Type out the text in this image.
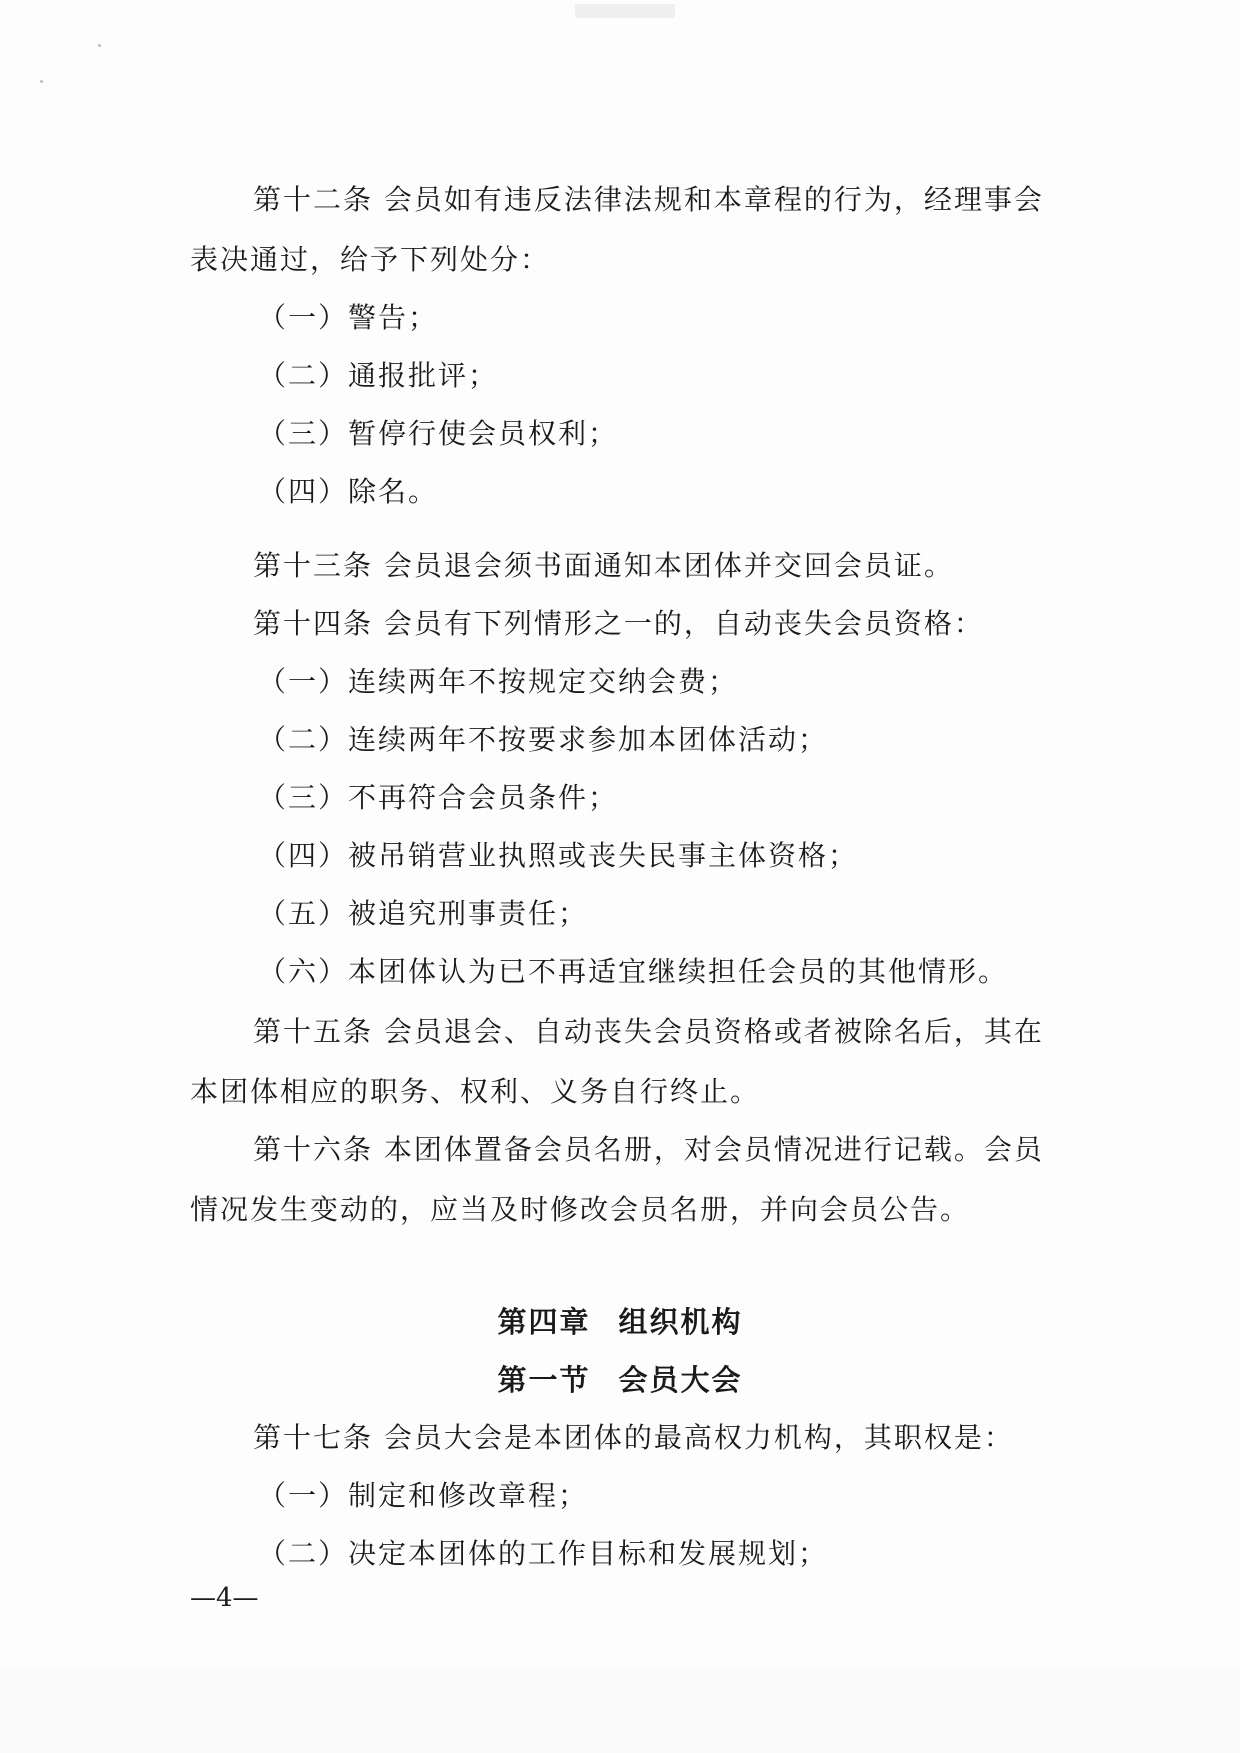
第十二条 会员如有违反法律法规和本章程的行为，经理事会
表决通过，给予下列处分：
（一）警告；
（二）通报批评；
（三）暂停行使会员权利；
（四）除名。
第十三条 会员退会须书面通知本团体并交回会员证。
第十四条 会员有下列情形之一的，自动丧失会员资格：
（一）连续两年不按规定交纳会费；
（二）连续两年不按要求参加本团体活动；
（三）不再符合会员条件；
（四）被吊销营业执照或丧失民事主体资格；
（五）被追究刑事责任；
（六）本团体认为已不再适宜继续担任会员的其他情形。
第十五条 会员退会、自动丧失会员资格或者被除名后，其在
本团体相应的职务、权利、义务自行终止。
第十六条 本团体置备会员名册，对会员情况进行记载。会员
情况发生变动的，应当及时修改会员名册，并向会员公告。
第四章 组织机构
第一节 会员大会
第十七条 会员大会是本团体的最高权力机构，其职权是：
（一）制定和修改章程；
（二）决定本团体的工作目标和发展规划；
—4—
